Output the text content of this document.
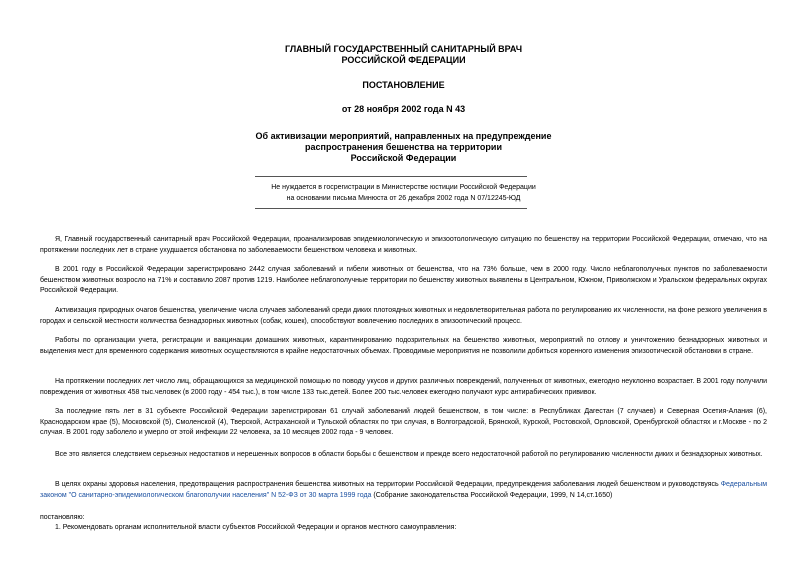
ГЛАВНЫЙ ГОСУДАРСТВЕННЫЙ САНИТАРНЫЙ ВРАЧ
РОССИЙСКОЙ ФЕДЕРАЦИИ
ПОСТАНОВЛЕНИЕ
от 28 ноября 2002 года N 43
Об активизации мероприятий, направленных на предупреждение
распространения бешенства на территории
Российской Федерации
Не нуждается в госрегистрации в Министерстве юстиции Российской Федерации
на основании письма Минюста от 26 декабря 2002 года N 07/12245-ЮД
Я, Главный государственный санитарный врач Российской Федерации, проанализировав эпидемиологическую и эпизоотологическую ситуацию по бешенству на территории Российской Федерации, отмечаю, что на протяжении последних лет в стране ухудшается обстановка по заболеваемости бешенством человека и животных.
В 2001 году в Российской Федерации зарегистрировано 2442 случая заболеваний и гибели животных от бешенства, что на 73% больше, чем в 2000 году. Число неблагополучных пунктов по заболеваемости бешенством животных возросло на 71% и составило 2087 против 1219. Наиболее неблагополучные территории по бешенству животных выявлены в Центральном, Южном, Приволжском и Уральском федеральных округах Российской Федерации.
Активизация природных очагов бешенства, увеличение числа случаев заболеваний среди диких плотоядных животных и недовлетворительная работа по регулированию их численности, на фоне резкого увеличения в городах и сельской местности количества безнадзорных животных (собак, кошек), способствуют вовлечению последних в эпизоотический процесс.
Работы по организации учета, регистрации и вакцинации домашних животных, карантинированию подозрительных на бешенство животных, мероприятий по отлову и уничтожению безнадзорных животных и выделения мест для временного содержания животных осуществляются в крайне недостаточных объемах. Проводимые мероприятия не позволили добиться коренного изменения эпизоотической обстановки в стране.
На протяжении последних лет число лиц, обращающихся за медицинской помощью по поводу укусов и других различных повреждений, полученных от животных, ежегодно неуклонно возрастает. В 2001 году получили повреждения от животных 458 тыс.человек (в 2000 году - 454 тыс.), в том числе 133 тыс.детей. Более 200 тыс.человек ежегодно получают курс антирабических прививок.
За последние пять лет в 31 субъекте Российской Федерации зарегистрирован 61 случай заболеваний людей бешенством, в том числе: в Республиках Дагестан (7 случаев) и Северная Осетия-Алания (6), Краснодарском крае (5), Московской (5), Смоленской (4), Тверской, Астраханской и Тульской областях по три случая, в Волгоградской, Брянской, Курской, Ростовской, Орловской, Оренбургской областях и г.Москве - по 2 случая. В 2001 году заболело и умерло от этой инфекции 22 человека, за 10 месяцев 2002 года - 9 человек.
Все это является следствием серьезных недостатков и нерешенных вопросов в области борьбы с бешенством и прежде всего недостаточной работой по регулированию численности диких и безнадзорных животных.
В целях охраны здоровья населения, предотвращения распространения бешенства животных на территории Российской Федерации, предупреждения заболевания людей бешенством и руководствуясь Федеральным законом "О санитарно-эпидемиологическом благополучии населения" N 52-ФЗ от 30 марта 1999 года (Собрание законодательства Российской Федерации, 1999, N 14,ст.1650)
постановляю:
1. Рекомендовать органам исполнительной власти субъектов Российской Федерации и органов местного самоуправления:
